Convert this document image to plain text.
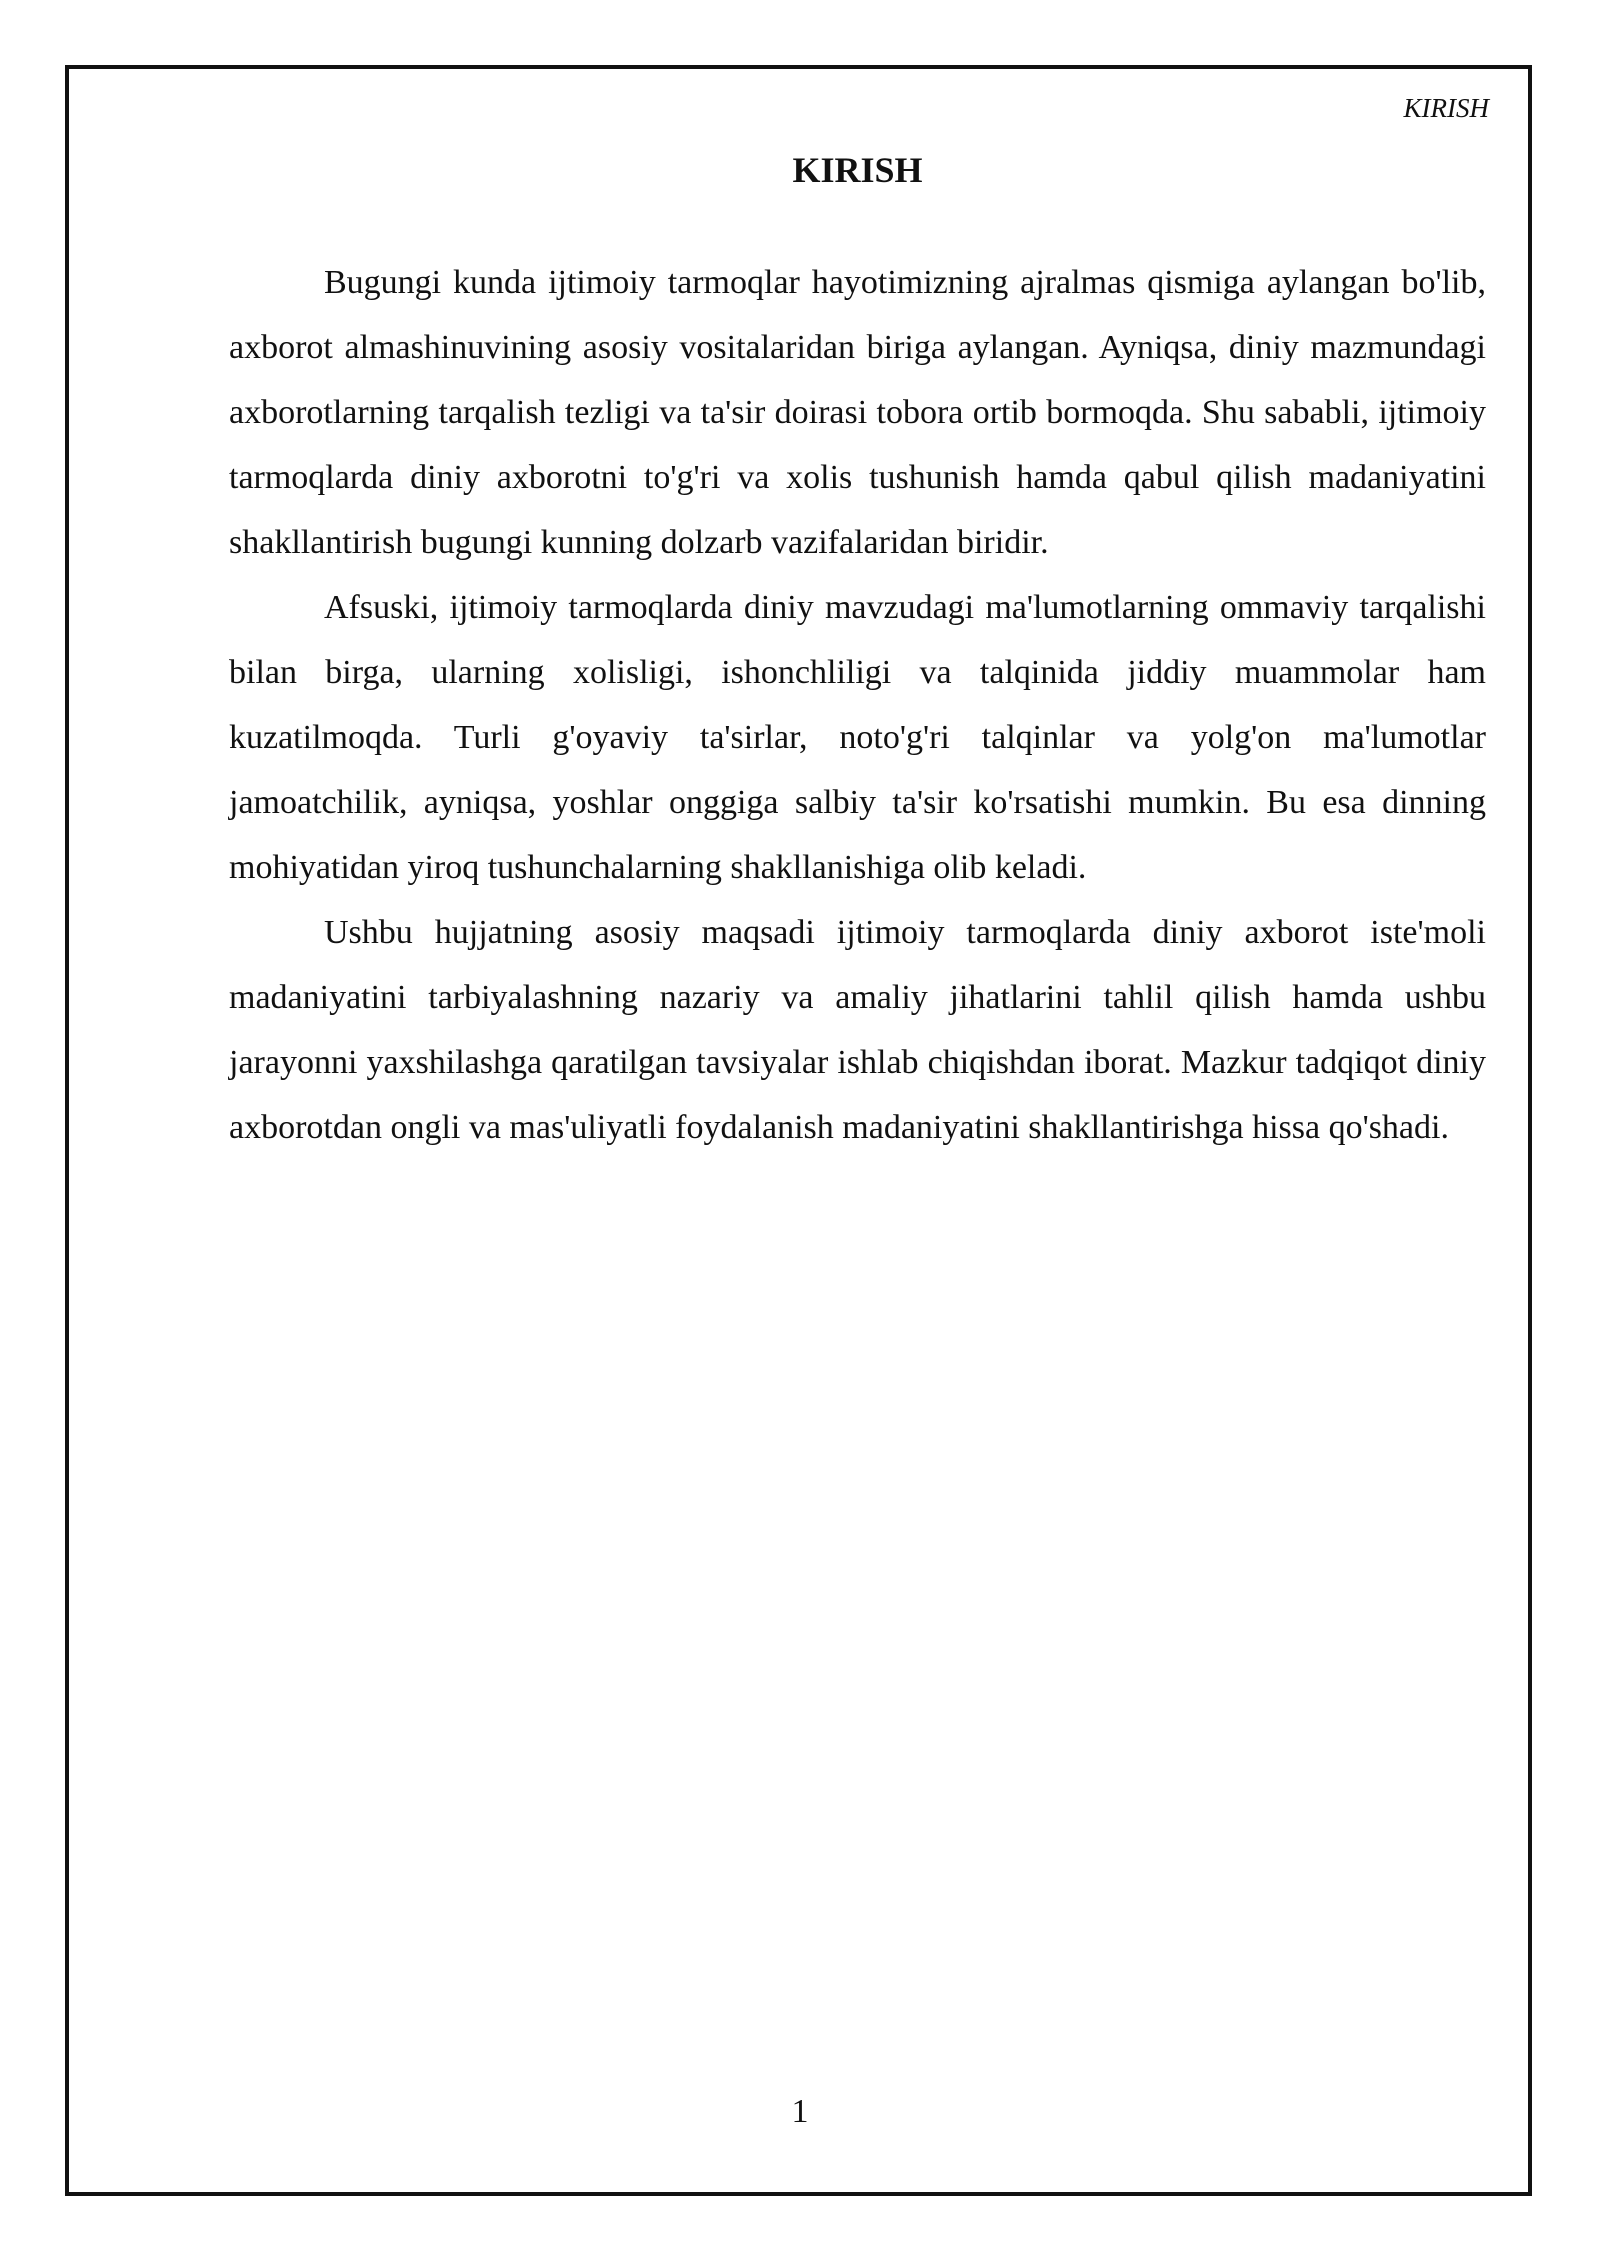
KIRISH
KIRISH

Bugungi kunda ijtimoiy tarmoqlar hayotimizning ajralmas qismiga aylangan bo'lib, axborot almashinuvining asosiy vositalaridan biriga aylangan. Ayniqsa, diniy mazmundagi axborotlarning tarqalish tezligi va ta'sir doirasi tobora ortib bormoqda. Shu sababli, ijtimoiy tarmoqlarda diniy axborotni to'g'ri va xolis tushunish hamda qabul qilish madaniyatini shakllantirish bugungi kunning dolzarb vazifalaridan biridir.

Afsuski, ijtimoiy tarmoqlarda diniy mavzudagi ma'lumotlarning ommaviy tarqalishi bilan birga, ularning xolisligi, ishonchliligi va talqinida jiddiy muammolar ham kuzatilmoqda. Turli g'oyaviy ta'sirlar, noto'g'ri talqinlar va yolg'on ma'lumotlar jamoatchilik, ayniqsa, yoshlar onggiga salbiy ta'sir ko'rsatishi mumkin. Bu esa dinning mohiyatidan yiroq tushunchalarning shakllanishiga olib keladi.

Ushbu hujjatning asosiy maqsadi ijtimoiy tarmoqlarda diniy axborot iste'moli madaniyatini tarbiyalashning nazariy va amaliy jihatlarini tahlil qilish hamda ushbu jarayonni yaxshilashga qaratilgan tavsiyalar ishlab chiqishdan iborat. Mazkur tadqiqot diniy axborotdan ongli va mas'uliyatli foydalanish madaniyatini shakllantirishga hissa qo'shadi.

1
